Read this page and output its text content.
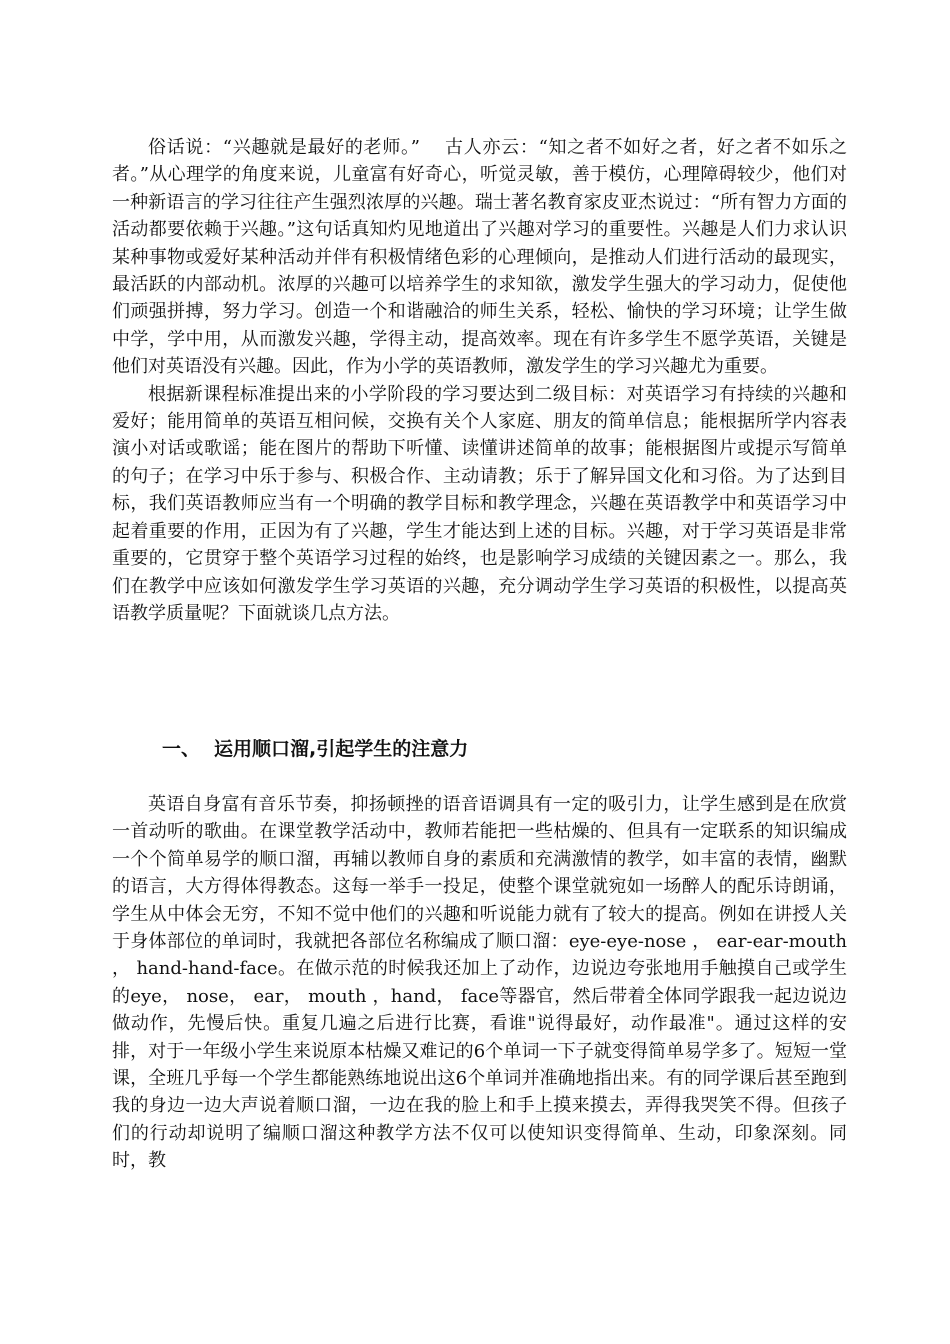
俗话说：“兴趣就是最好的老师。” 　古人亦云：“知之者不如好之者，好之者不如乐之者。”从心理学的角度来说，儿童富有好奇心，听觉灵敏，善于模仿，心理障碍较少，他们对一种新语言的学习往往产生强烈浓厚的兴趣。瑞士著名教育家皮亚杰说过：“所有智力方面的活动都要依赖于兴趣。”这句话真知灼见地道出了兴趣对学习的重要性。兴趣是人们力求认识某种事物或爱好某种活动并伴有积极情绪色彩的心理倾向，是推动人们进行活动的最现实，最活跃的内部动机。浓厚的兴趣可以培养学生的求知欲，激发学生强大的学习动力，促使他们顽强拼搏，努力学习。创造一个和谐融洽的师生关系，轻松、愉快的学习环境；让学生做中学，学中用，从而激发兴趣，学得主动，提高效率。现在有许多学生不愿学英语，关键是他们对英语没有兴趣。因此，作为小学的英语教师，激发学生的学习兴趣尤为重要。

根据新课程标准提出来的小学阶段的学习要达到二级目标：对英语学习有持续的兴趣和爱好；能用简单的英语互相问候，交换有关个人家庭、朋友的简单信息；能根据所学内容表演小对话或歌谣；能在图片的帮助下听懂、读懂讲述简单的故事；能根据图片或提示写简单的句子；在学习中乐于参与、积极合作、主动请教；乐于了解异国文化和习俗。为了达到目标，我们英语教师应当有一个明确的教学目标和教学理念，兴趣在英语教学中和英语学习中起着重要的作用，正因为有了兴趣，学生才能达到上述的目标。兴趣，对于学习英语是非常重要的，它贯穿于整个英语学习过程的始终，也是影响学习成绩的关键因素之一。那么，我们在教学中应该如何激发学生学习英语的兴趣，充分调动学生学习英语的积极性，以提高英语教学质量呢？下面就谈几点方法。

一、 运用顺口溜,引起学生的注意力

英语自身富有音乐节奏，抑扬顿挫的语音语调具有一定的吸引力，让学生感到是在欣赏一首动听的歌曲。在课堂教学活动中，教师若能把一些枯燥的、但具有一定联系的知识编成一个个简单易学的顺口溜，再辅以教师自身的素质和充满激情的教学，如丰富的表情，幽默的语言，大方得体得教态。这每一举手一投足，使整个课堂就宛如一场醉人的配乐诗朗诵，学生从中体会无穷，不知不觉中他们的兴趣和听说能力就有了较大的提高。例如在讲授人关于身体部位的单词时，我就把各部位名称编成了顺口溜：eye-eye-nose ， ear-ear-mouth ， hand-hand-face。在做示范的时候我还加上了动作，边说边夸张地用手触摸自己或学生的eye， nose， ear， mouth ，hand， face等器官，然后带着全体同学跟我一起边说边做动作，先慢后快。重复几遍之后进行比赛，看谁"说得最好，动作最准"。通过这样的安排，对于一年级小学生来说原本枯燥又难记的6个单词一下子就变得简单易学多了。短短一堂课，全班几乎每一个学生都能熟练地说出这6个单词并准确地指出来。有的同学课后甚至跑到我的身边一边大声说着顺口溜，一边在我的脸上和手上摸来摸去，弄得我哭笑不得。但孩子们的行动却说明了编顺口溜这种教学方法不仅可以使知识变得简单、生动，印象深刻。同时，教
